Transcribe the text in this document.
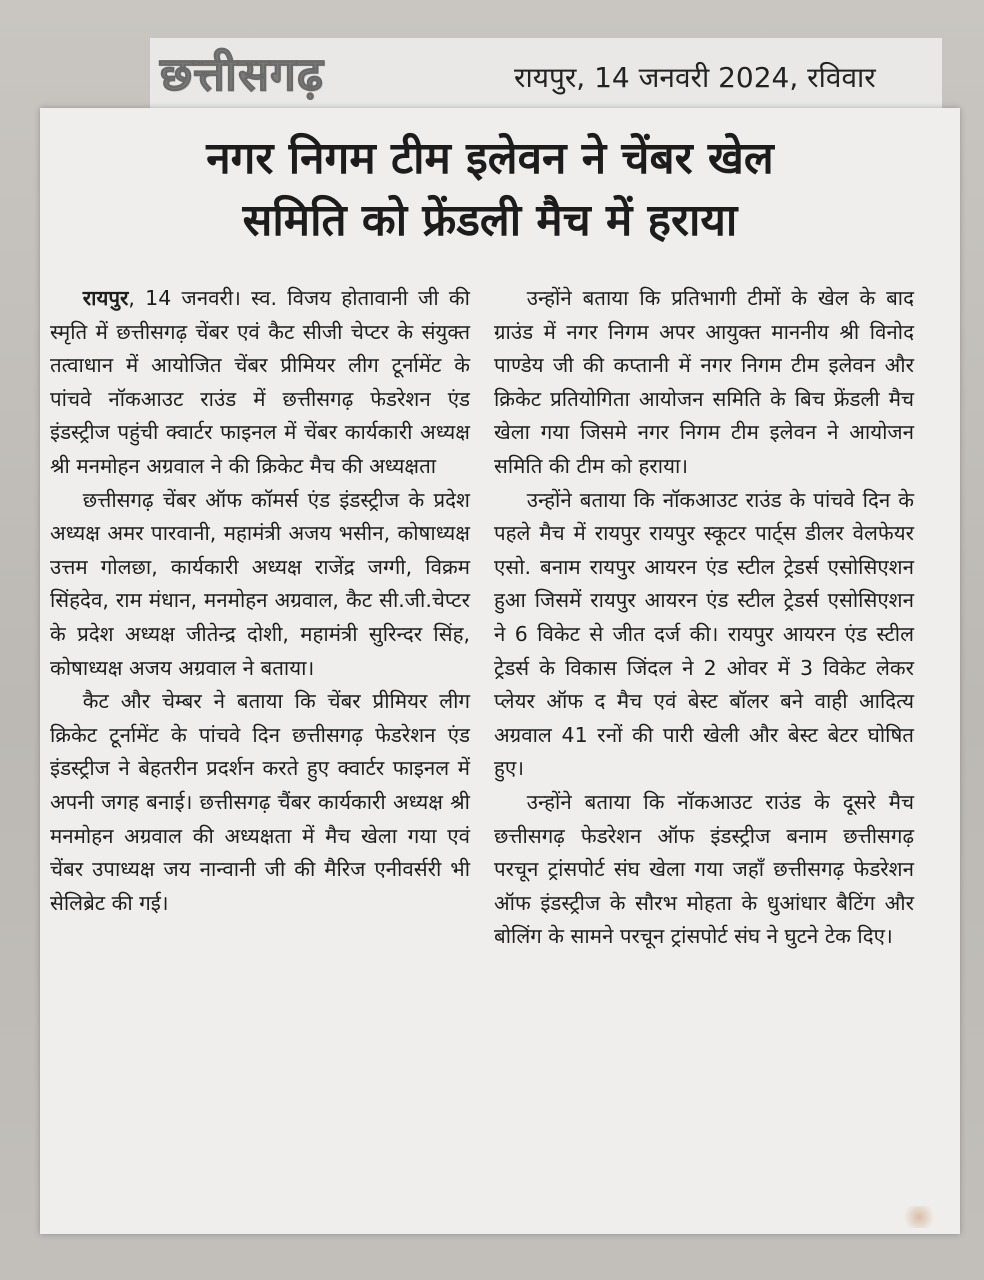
छत्तीसगढ़	रायपुर, 14 जनवरी 2024, रविवार
नगर निगम टीम इलेवन ने चेंबर खेल
समिति को फ्रेंडली मैच में हराया

रायपुर, 14 जनवरी। स्व. विजय होतावानी जी की स्मृति में छत्तीसगढ़ चेंबर एवं कैट सीजी चेप्टर के संयुक्त तत्वाधान में आयोजित चेंबर प्रीमियर लीग टूर्नामेंट के पांचवे नॉकआउट राउंड में छत्तीसगढ़ फेडरेशन एंड इंडस्ट्रीज पहुंची क्वार्टर फाइनल में चेंबर कार्यकारी अध्यक्ष श्री मनमोहन अग्रवाल ने की क्रिकेट मैच की अध्यक्षता

छत्तीसगढ़ चेंबर ऑफ कॉमर्स एंड इंडस्ट्रीज के प्रदेश अध्यक्ष अमर पारवानी, महामंत्री अजय भसीन, कोषाध्यक्ष उत्तम गोलछा, कार्यकारी अध्यक्ष राजेंद्र जग्गी, विक्रम सिंहदेव, राम मंधान, मनमोहन अग्रवाल, कैट सी.जी.चेप्टर के प्रदेश अध्यक्ष जीतेन्द्र दोशी, महामंत्री सुरिन्दर सिंह, कोषाध्यक्ष अजय अग्रवाल ने बताया।

कैट और चेम्बर ने बताया कि चेंबर प्रीमियर लीग क्रिकेट टूर्नामेंट के पांचवे दिन छत्तीसगढ़ फेडरेशन एंड इंडस्ट्रीज ने बेहतरीन प्रदर्शन करते हुए क्वार्टर फाइनल में अपनी जगह बनाई। छत्तीसगढ़ चैंबर कार्यकारी अध्यक्ष श्री मनमोहन अग्रवाल की अध्यक्षता में मैच खेला गया एवं चेंबर उपाध्यक्ष जय नान्वानी जी की मैरिज एनीवर्सरी भी सेलिब्रेट की गई।

उन्होंने बताया कि प्रतिभागी टीमों के खेल के बाद ग्राउंड में नगर निगम अपर आयुक्त माननीय श्री विनोद पाण्डेय जी की कप्तानी में नगर निगम टीम इलेवन और क्रिकेट प्रतियोगिता आयोजन समिति के बिच फ्रेंडली मैच खेला गया जिसमे नगर निगम टीम इलेवन ने आयोजन समिति की टीम को हराया।

उन्होंने बताया कि नॉकआउट राउंड के पांचवे दिन के पहले मैच में रायपुर रायपुर स्कूटर पार्ट्स डीलर वेलफेयर एसो. बनाम रायपुर आयरन एंड स्टील ट्रेडर्स एसोसिएशन हुआ जिसमें रायपुर आयरन एंड स्टील ट्रेडर्स एसोसिएशन ने 6 विकेट से जीत दर्ज की। रायपुर आयरन एंड स्टील ट्रेडर्स के विकास जिंदल ने 2 ओवर में 3 विकेट लेकर प्लेयर ऑफ द मैच एवं बेस्ट बॉलर बने वाही आदित्य अग्रवाल 41 रनों की पारी खेली और बेस्ट बेटर घोषित हुए।

उन्होंने बताया कि नॉकआउट राउंड के दूसरे मैच छत्तीसगढ़ फेडरेशन ऑफ इंडस्ट्रीज बनाम छत्तीसगढ़ परचून ट्रांसपोर्ट संघ खेला गया जहाँ छत्तीसगढ़ फेडरेशन ऑफ इंडस्ट्रीज के सौरभ मोहता के धुआंधार बैटिंग और बोलिंग के सामने परचून ट्रांसपोर्ट संघ ने घुटने टेक दिए।
